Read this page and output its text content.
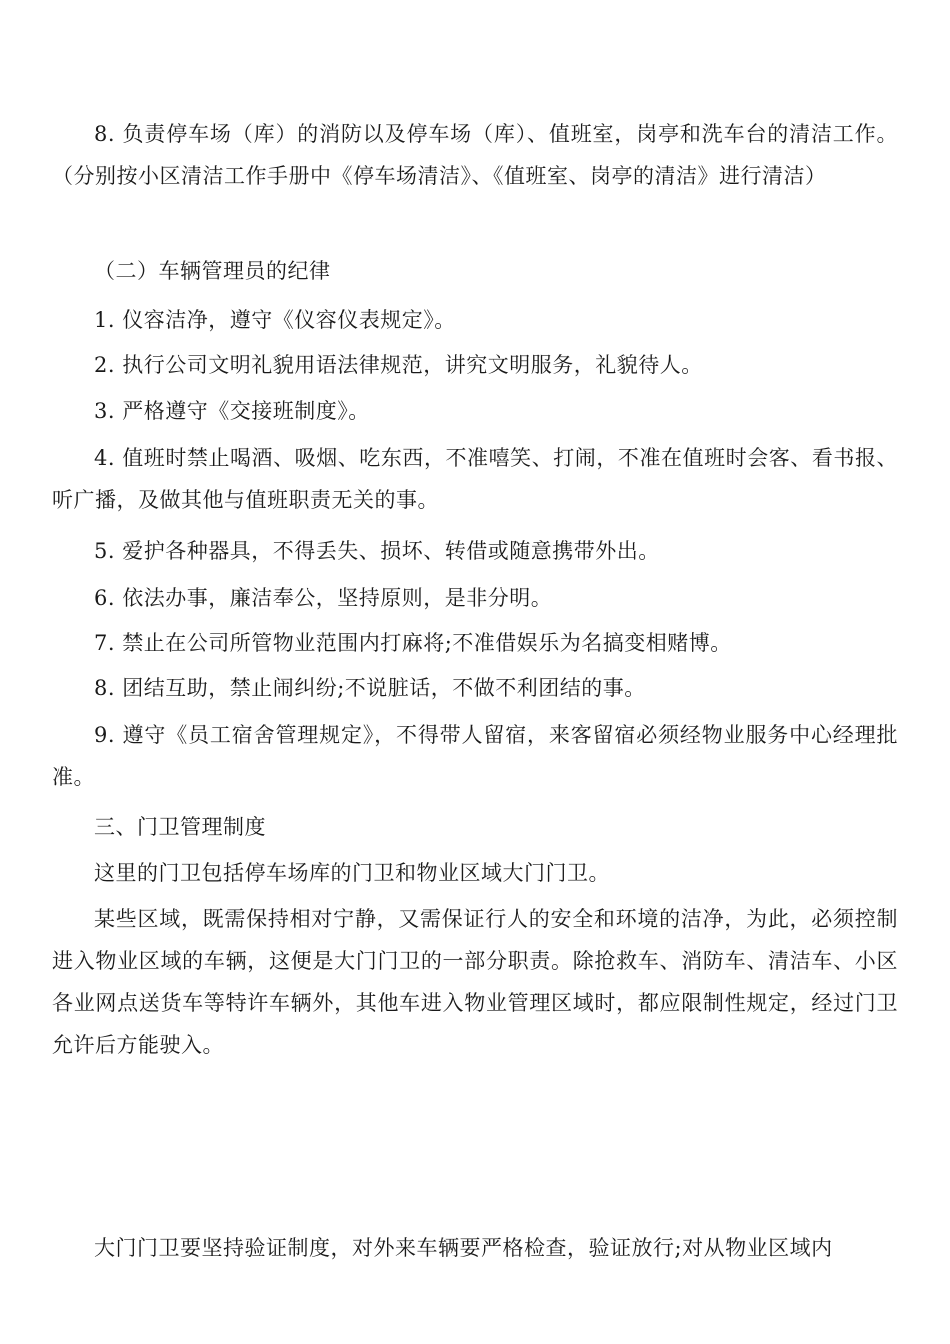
8. 负责停车场（库）的消防以及停车场（库）、值班室，岗亭和洗车台的清洁工作。（分别按小区清洁工作手册中《停车场清洁》、《值班室、岗亭的清洁》进行清洁）

（二）车辆管理员的纪律

1. 仪容洁净，遵守《仪容仪表规定》。

2. 执行公司文明礼貌用语法律规范，讲究文明服务，礼貌待人。

3. 严格遵守《交接班制度》。

4. 值班时禁止喝酒、吸烟、吃东西，不准嘻笑、打闹，不准在值班时会客、看书报、听广播，及做其他与值班职责无关的事。

5. 爱护各种器具，不得丢失、损坏、转借或随意携带外出。

6. 依法办事，廉洁奉公，坚持原则，是非分明。

7. 禁止在公司所管物业范围内打麻将;不准借娱乐为名搞变相赌博。

8. 团结互助，禁止闹纠纷;不说脏话，不做不利团结的事。

9. 遵守《员工宿舍管理规定》，不得带人留宿，来客留宿必须经物业服务中心经理批准。

三、门卫管理制度

这里的门卫包括停车场库的门卫和物业区域大门门卫。

某些区域，既需保持相对宁静，又需保证行人的安全和环境的洁净，为此，必须控制进入物业区域的车辆，这便是大门门卫的一部分职责。除抢救车、消防车、清洁车、小区各业网点送货车等特许车辆外，其他车进入物业管理区域时，都应限制性规定，经过门卫允许后方能驶入。

大门门卫要坚持验证制度，对外来车辆要严格检查，验证放行;对从物业区域内
